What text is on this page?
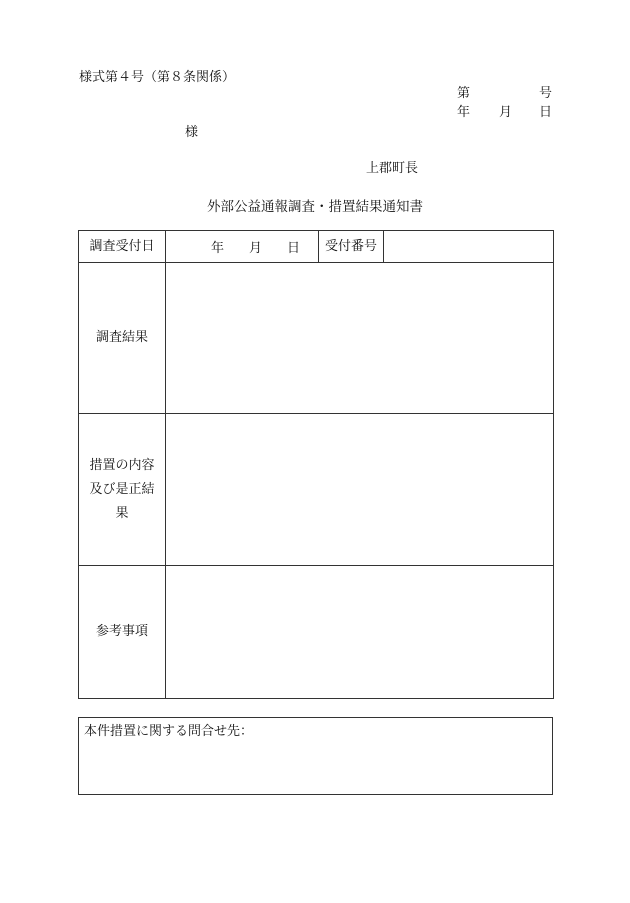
様式第４号（第８条関係）
第	号
年 月 日
様
上郡町長
外部公益通報調査・措置結果通知書
調査受付日	年 月 日	受付番号	
調査結果			

措置の内容
及び是正結
果			

参考事項			
本件措置に関する問合せ先：
